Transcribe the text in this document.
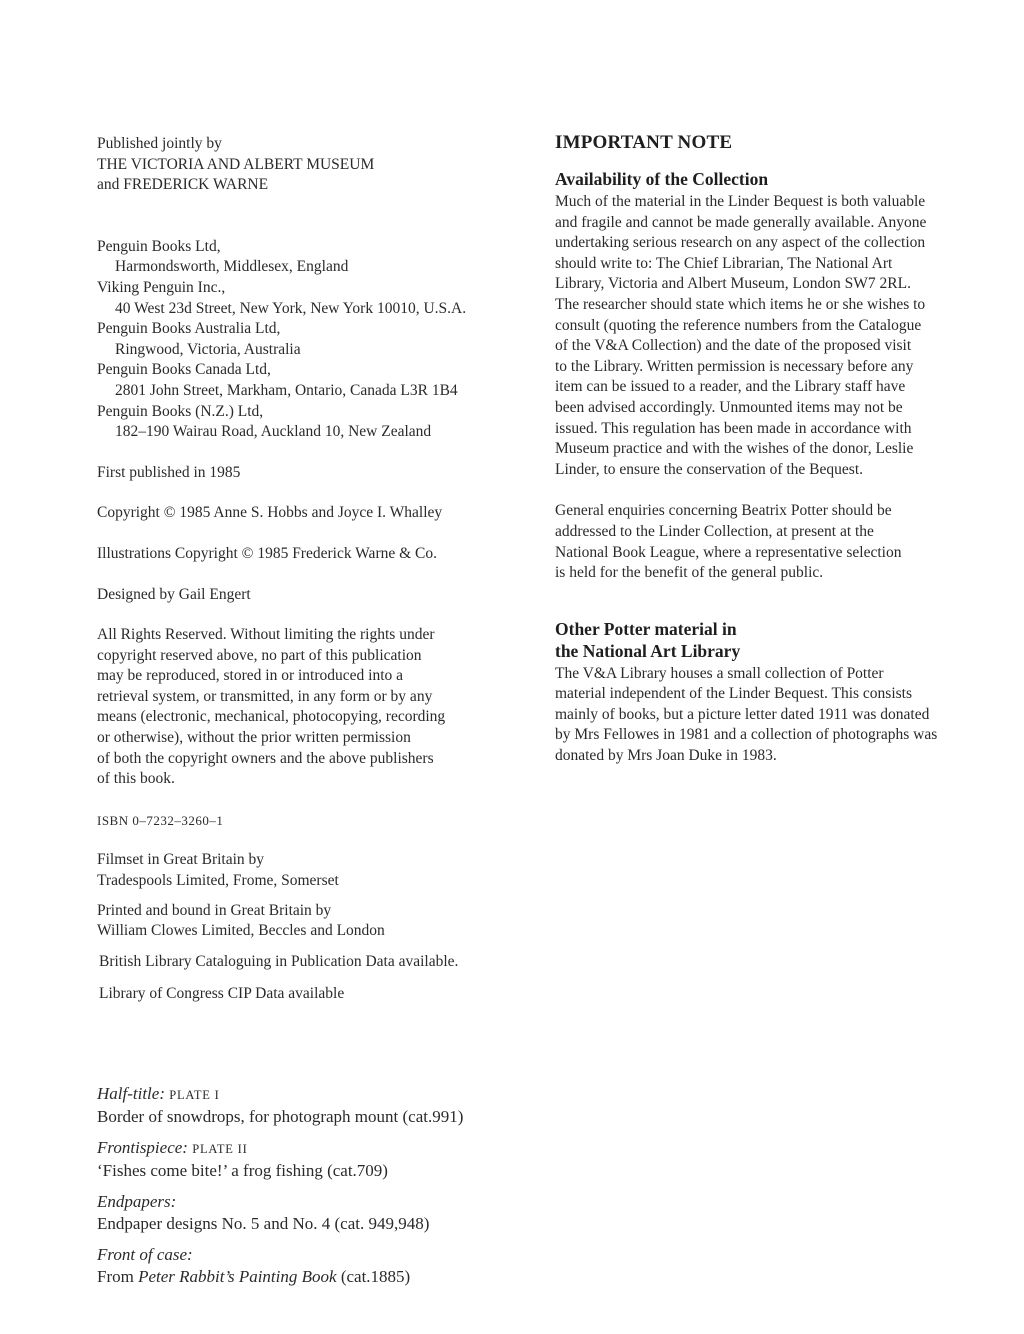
Published jointly by

THE VICTORIA AND ALBERT MUSEUM

and FREDERICK WARNE

Penguin Books Ltd,

Harmondsworth, Middlesex, England

Viking Penguin Inc.,

40 West 23d Street, New York, New York 10010, U.S.A.

Penguin Books Australia Ltd,

Ringwood, Victoria, Australia

Penguin Books Canada Ltd,

2801 John Street, Markham, Ontario, Canada L3R 1B4

Penguin Books (N.Z.) Ltd,

182–190 Wairau Road, Auckland 10, New Zealand

First published in 1985

Copyright © 1985 Anne S. Hobbs and Joyce I. Whalley

Illustrations Copyright © 1985 Frederick Warne & Co.

Designed by Gail Engert

All Rights Reserved. Without limiting the rights under

copyright reserved above, no part of this publication

may be reproduced, stored in or introduced into a

retrieval system, or transmitted, in any form or by any

means (electronic, mechanical, photocopying, recording

or otherwise), without the prior written permission

of both the copyright owners and the above publishers

of this book.

ISBN 0–7232–3260–1

Filmset in Great Britain by

Tradespools Limited, Frome, Somerset

Printed and bound in Great Britain by

William Clowes Limited, Beccles and London

British Library Cataloguing in Publication Data available.

Library of Congress CIP Data available

Half-title: PLATE I

Border of snowdrops, for photograph mount (cat.991)

Frontispiece: PLATE II

‘Fishes come bite!’ a frog fishing (cat.709)

Endpapers:

Endpaper designs No. 5 and No. 4 (cat. 949,948)

Front of case:

From Peter Rabbit’s Painting Book (cat.1885)

IMPORTANT NOTE

Availability of the Collection

Much of the material in the Linder Bequest is both valuable

and fragile and cannot be made generally available. Anyone

undertaking serious research on any aspect of the collection

should write to: The Chief Librarian, The National Art

Library, Victoria and Albert Museum, London SW7 2RL.

The researcher should state which items he or she wishes to

consult (quoting the reference numbers from the Catalogue

of the V&A Collection) and the date of the proposed visit

to the Library. Written permission is necessary before any

item can be issued to a reader, and the Library staff have

been advised accordingly. Unmounted items may not be

issued. This regulation has been made in accordance with

Museum practice and with the wishes of the donor, Leslie

Linder, to ensure the conservation of the Bequest.

General enquiries concerning Beatrix Potter should be

addressed to the Linder Collection, at present at the

National Book League, where a representative selection

is held for the benefit of the general public.

Other Potter material in

the National Art Library

The V&A Library houses a small collection of Potter

material independent of the Linder Bequest. This consists

mainly of books, but a picture letter dated 1911 was donated

by Mrs Fellowes in 1981 and a collection of photographs was

donated by Mrs Joan Duke in 1983.
